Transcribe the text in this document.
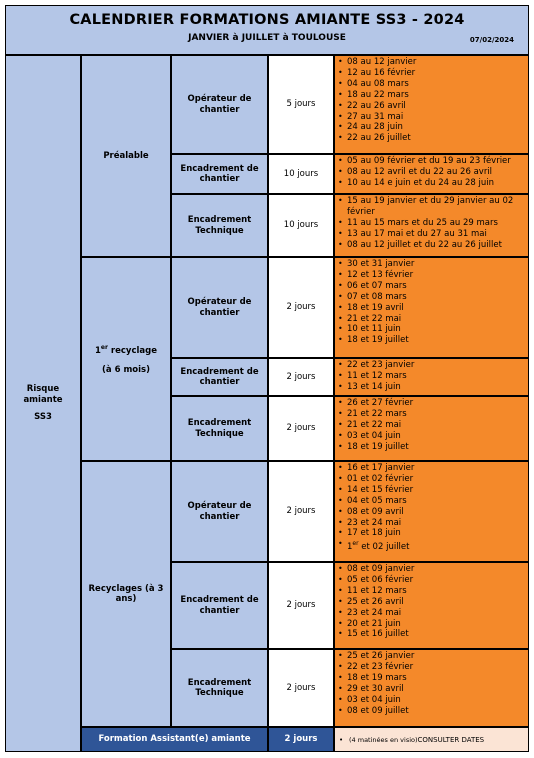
CALENDRIER FORMATIONS AMIANTE SS3 - 2024
JANVIER à JUILLET à TOULOUSE	07/02/2024
Risque
amiante
SS3
Préalable
1er recyclage
(à 6 mois)
Recyclages (à 3 ans)
Opérateur de chantier
Encadrement de chantier
Encadrement Technique
Opérateur de chantier
Encadrement de chantier
Encadrement Technique
Opérateur de chantier
Encadrement de chantier
Encadrement Technique
5 jours
10 jours
10 jours
2 jours
2 jours
2 jours
2 jours
2 jours
2 jours
• 08 au 12 janvier
• 12 au 16 février
• 04 au 08 mars
• 18 au 22 mars
• 22 au 26 avril
• 27 au 31 mai
• 24 au 28 juin
• 22 au 26 juillet
• 05 au 09 février et du 19 au 23 février
• 08 au 12 avril et du 22 au 26 avril
• 10 au 14 e juin et du 24 au 28 juin
• 15 au 19 janvier et du 29 janvier au 02 février
• 11 au 15 mars et du 25 au 29 mars
• 13 au 17 mai et du 27 au 31 mai
• 08 au 12 juillet et du 22 au 26 juillet
• 30 et 31 janvier
• 12 et 13 février
• 06 et 07 mars
• 07 et 08 mars
• 18 et 19 avril
• 21 et 22 mai
• 10 et 11 juin
• 18 et 19 juillet
• 22 et 23 janvier
• 11 et 12 mars
• 13 et 14 juin
• 26 et 27 février
• 21 et 22 mars
• 21 et 22 mai
• 03 et 04 juin
• 18 et 19 juillet
• 16 et 17 janvier
• 01 et 02 février
• 14 et 15 février
• 04 et 05 mars
• 08 et 09 avril
• 23 et 24 mai
• 17 et 18 juin
• 1er et 02 juillet
• 08 et 09 janvier
• 05 et 06 février
• 11 et 12 mars
• 25 et 26 avril
• 23 et 24 mai
• 20 et 21 juin
• 15 et 16 juillet
• 25 et 26 janvier
• 22 et 23 février
• 18 et 19 mars
• 29 et 30 avril
• 03 et 04 juin
• 08 et 09 juillet
Formation Assistant(e) amiante	2 jours
•	(4 matinées en visio) CONSULTER DATES
